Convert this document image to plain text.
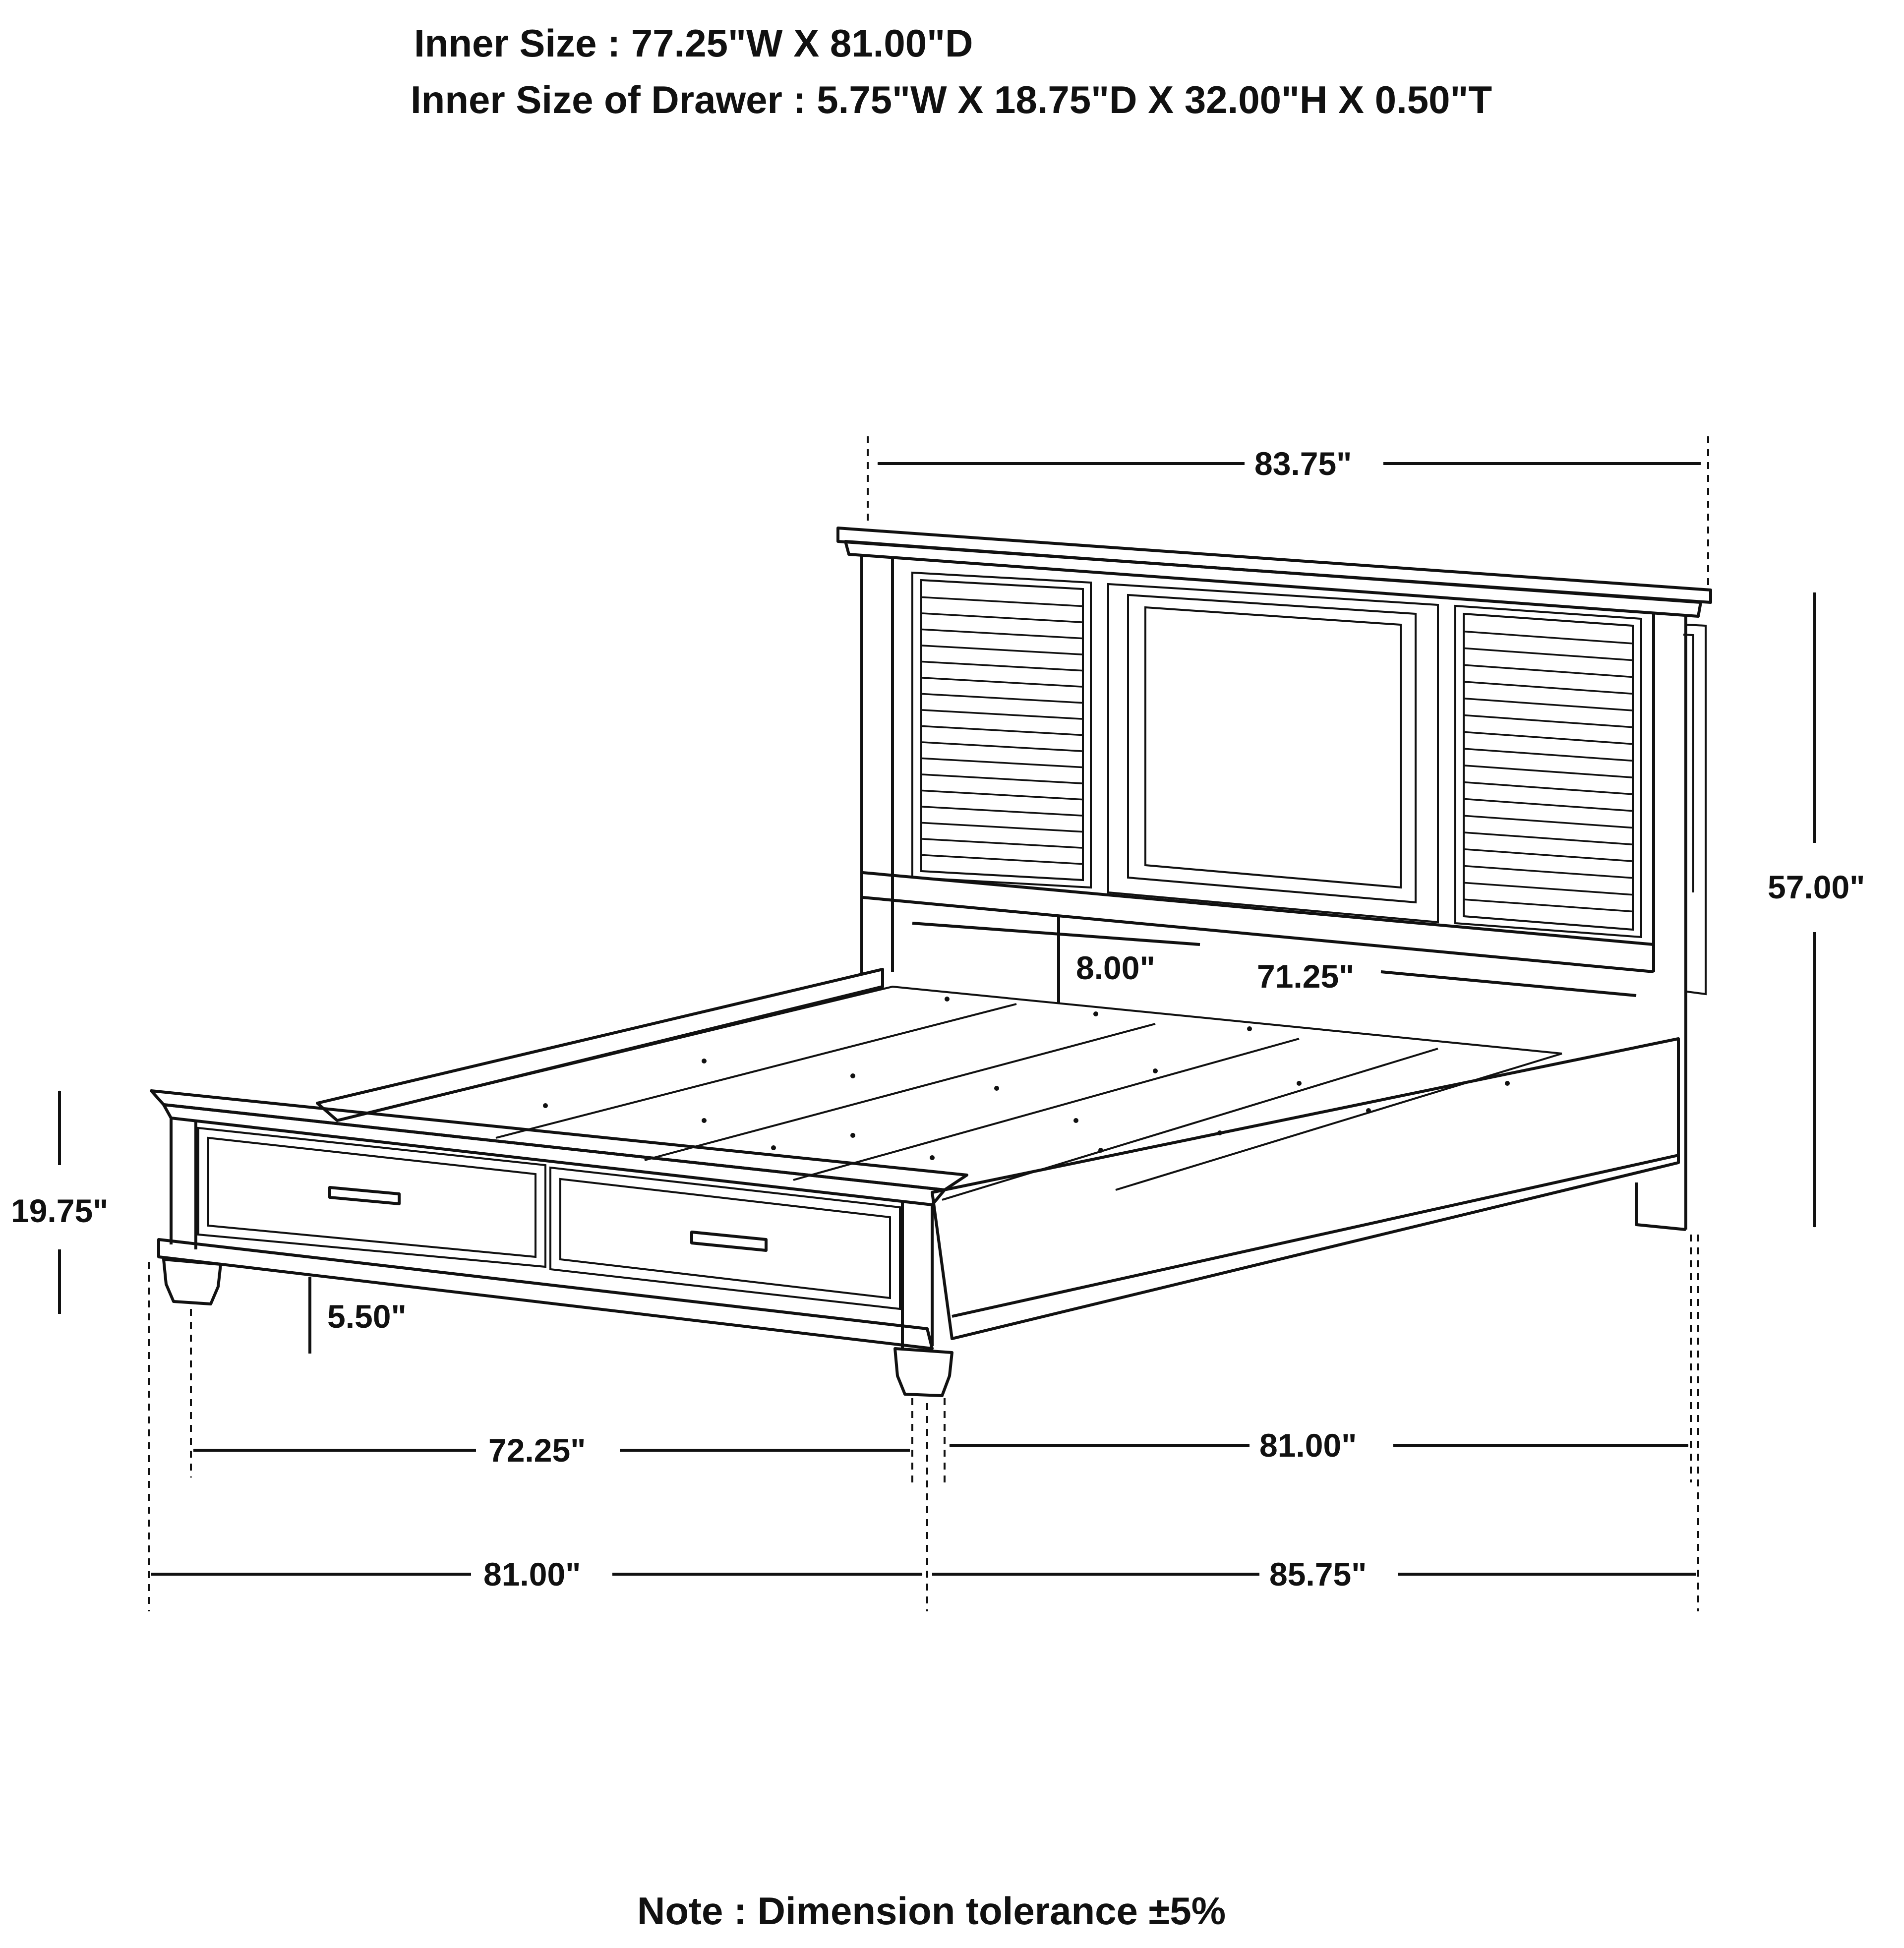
Inner Size : 77.25"W X 81.00"D
Inner Size of Drawer : 5.75"W X 18.75"D X 32.00"H X 0.50"T
Note : Dimension tolerance ±5%
83.75"
57.00"
8.00"	71.25"
19.75"
5.50"
72.25"	81.00"
81.00"	85.75"
